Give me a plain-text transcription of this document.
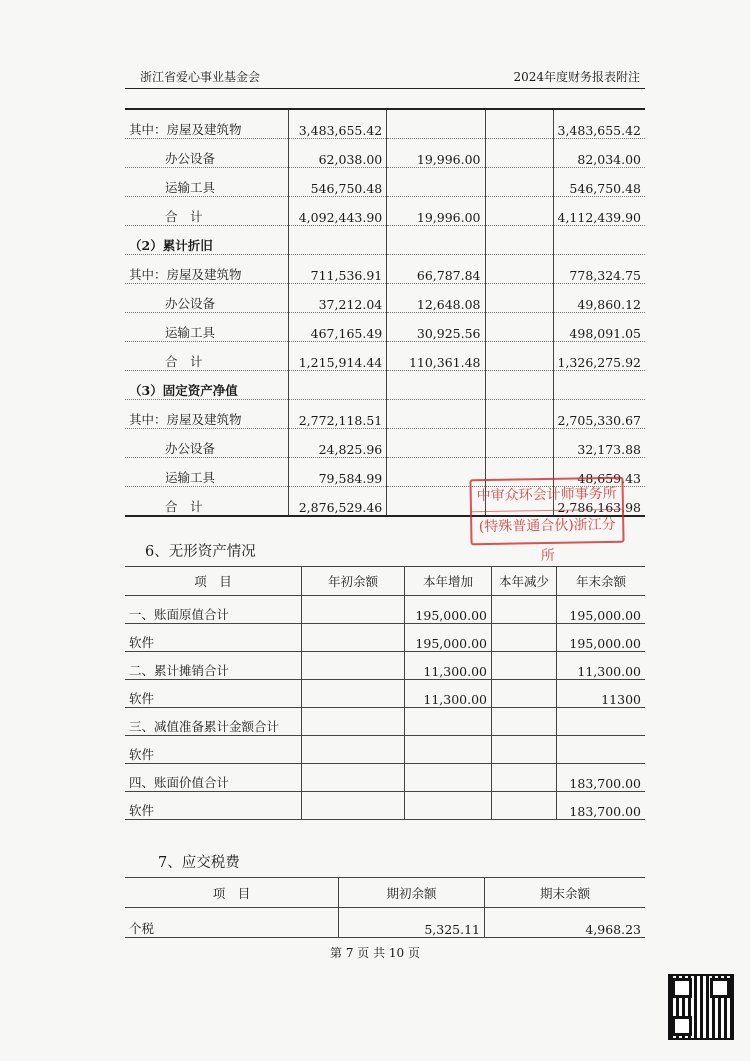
浙江省爱心事业基金会	2024年度财务报表附注
其中：房屋及建筑物	3,483,655.42			3,483,655.42
办公设备	62,038.00	19,996.00		82,034.00
运输工具	546,750.48			546,750.48
合　计	4,092,443.90	19,996.00		4,112,439.90
（2）累计折旧				
其中：房屋及建筑物	711,536.91	66,787.84		778,324.75
办公设备	37,212.04	12,648.08		49,860.12
运输工具	467,165.49	30,925.56		498,091.05
合　计	1,215,914.44	110,361.48		1,326,275.92
（3）固定资产净值				
其中：房屋及建筑物	2,772,118.51			2,705,330.67
办公设备	24,825.96			32,173.88
运输工具	79,584.99			48,659.43
合　计	2,876,529.46			2,786,163.98
6、无形资产情况
项　目	年初余额	本年增加	本年减少	年末余额
一、账面原值合计		195,000.00		195,000.00
软件		195,000.00		195,000.00
二、累计摊销合计		11,300.00		11,300.00
软件		11,300.00		11300
三、减值准备累计金额合计				
软件				
四、账面价值合计				183,700.00
软件				183,700.00
7、应交税费
项　目	期初余额	期末余额
个税	5,325.11	4,968.23
中审众环会计师事务所
(特殊普通合伙)浙江分所
第 7 页 共 10 页
